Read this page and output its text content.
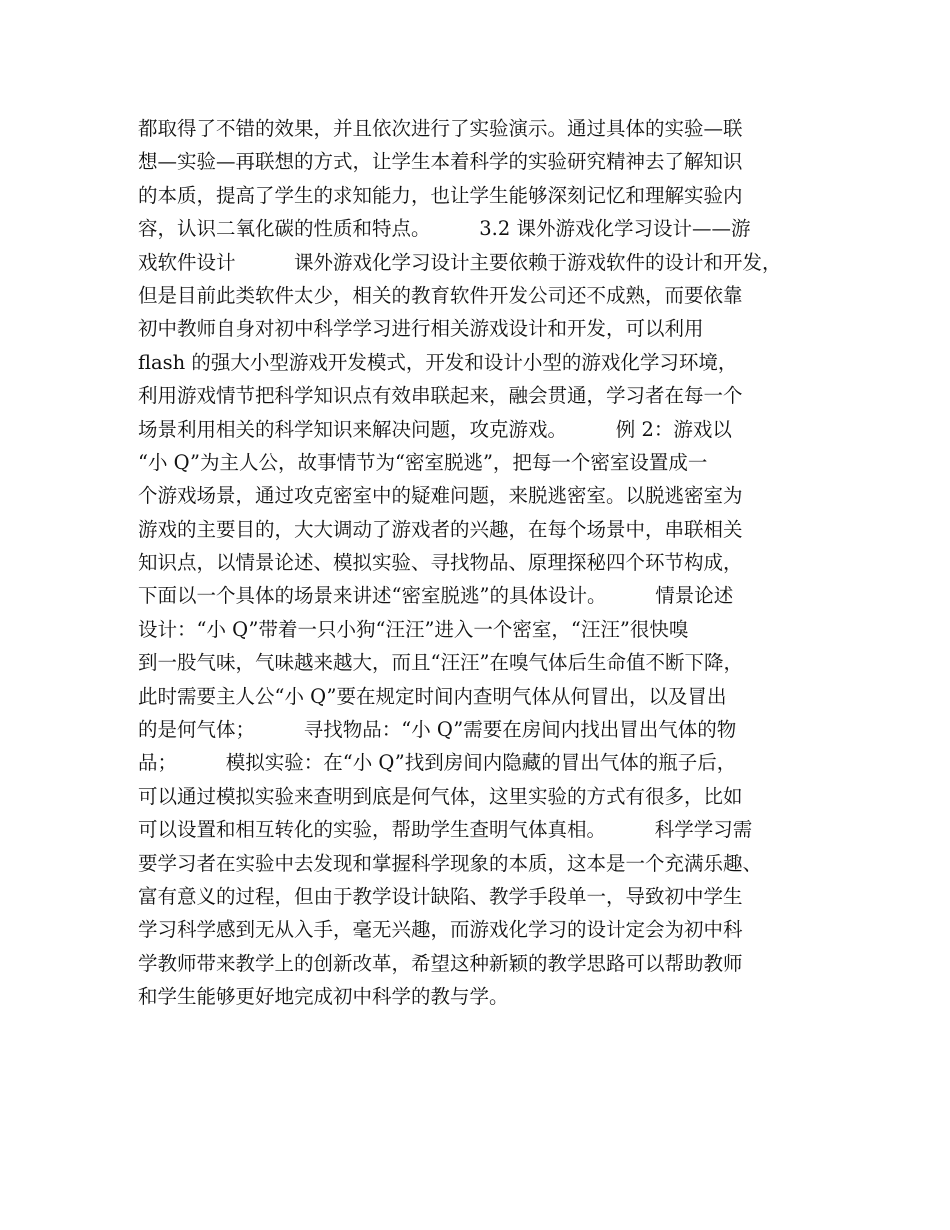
都取得了不错的效果，并且依次进行了实验演示。通过具体的实验—联
想—实验—再联想的方式，让学生本着科学的实验研究精神去了解知识
的本质，提高了学生的求知能力，也让学生能够深刻记忆和理解实验内
容，认识二氧化碳的性质和特点。　　　3.2 课外游戏化学习设计——游
戏软件设计　　　课外游戏化学习设计主要依赖于游戏软件的设计和开发，
但是目前此类软件太少，相关的教育软件开发公司还不成熟，而要依靠
初中教师自身对初中科学学习进行相关游戏设计和开发，可以利用
flash 的强大小型游戏开发模式，开发和设计小型的游戏化学习环境，
利用游戏情节把科学知识点有效串联起来，融会贯通，学习者在每一个
场景利用相关的科学知识来解决问题，攻克游戏。　　　例 2：游戏以
“小 Q”为主人公，故事情节为“密室脱逃”，把每一个密室设置成一
个游戏场景，通过攻克密室中的疑难问题，来脱逃密室。以脱逃密室为
游戏的主要目的，大大调动了游戏者的兴趣，在每个场景中，串联相关
知识点，以情景论述、模拟实验、寻找物品、原理探秘四个环节构成，
下面以一个具体的场景来讲述“密室脱逃”的具体设计。　　　情景论述
设计：“小 Q”带着一只小狗“汪汪”进入一个密室，“汪汪”很快嗅
到一股气味，气味越来越大，而且“汪汪”在嗅气体后生命值不断下降，
此时需要主人公“小 Q”要在规定时间内查明气体从何冒出，以及冒出
的是何气体；　　　寻找物品：“小 Q”需要在房间内找出冒出气体的物
品；　　　模拟实验：在“小 Q”找到房间内隐藏的冒出气体的瓶子后，
可以通过模拟实验来查明到底是何气体，这里实验的方式有很多，比如
可以设置和相互转化的实验，帮助学生查明气体真相。　　　科学学习需
要学习者在实验中去发现和掌握科学现象的本质，这本是一个充满乐趣、
富有意义的过程，但由于教学设计缺陷、教学手段单一，导致初中学生
学习科学感到无从入手，毫无兴趣，而游戏化学习的设计定会为初中科
学教师带来教学上的创新改革，希望这种新颖的教学思路可以帮助教师
和学生能够更好地完成初中科学的教与学。
